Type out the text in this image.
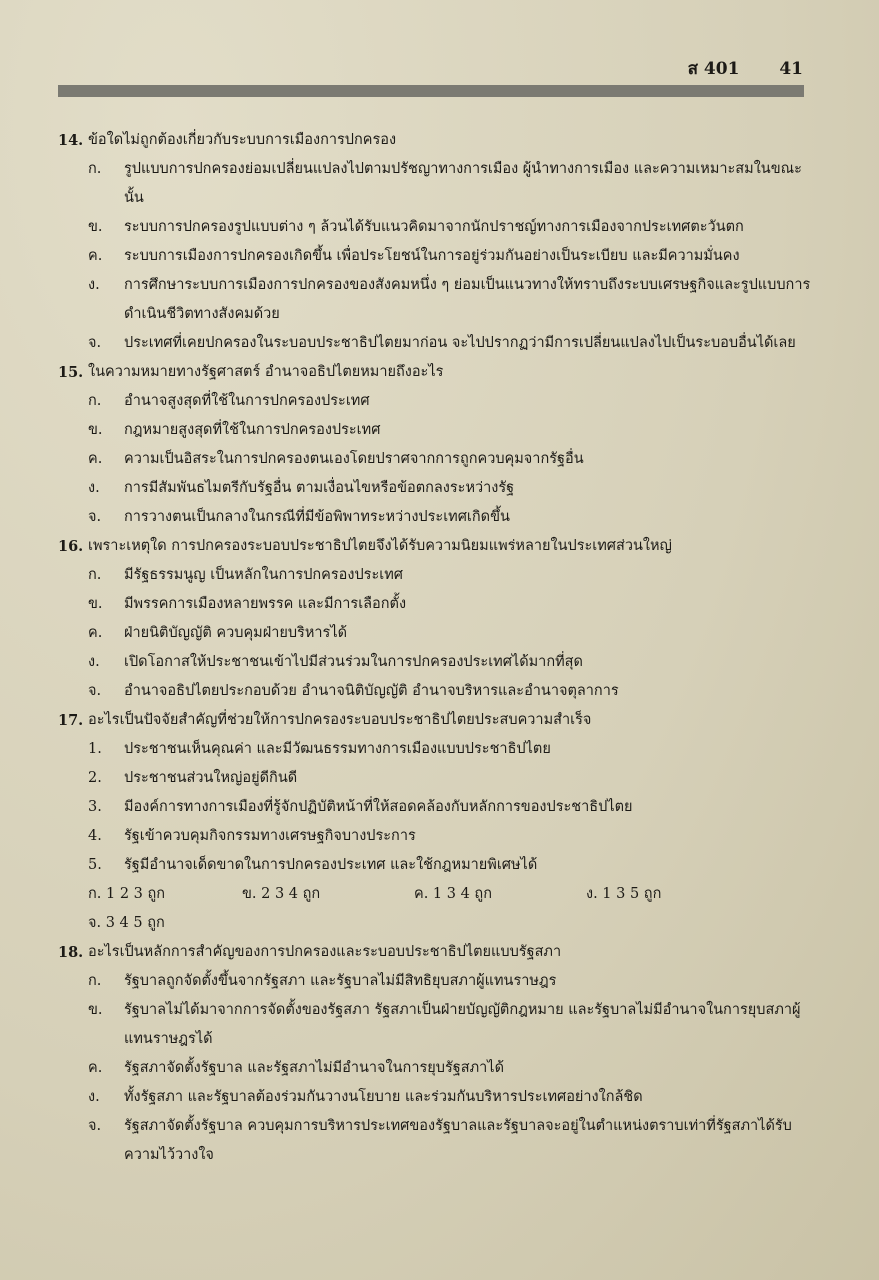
ส 401 41
14. ข้อใดไม่ถูกต้องเกี่ยวกับระบบการเมืองการปกครอง
ก.	รูปแบบการปกครองย่อมเปลี่ยนแปลงไปตามปรัชญาทางการเมือง ผู้นำทางการเมือง และความเหมาะสมในขณะนั้น
ข.	ระบบการปกครองรูปแบบต่าง ๆ ล้วนได้รับแนวคิดมาจากนักปราชญ์ทางการเมืองจากประเทศตะวันตก
ค.	ระบบการเมืองการปกครองเกิดขึ้น เพื่อประโยชน์ในการอยู่ร่วมกันอย่างเป็นระเบียบ และมีความมั่นคง
ง.	การศึกษาระบบการเมืองการปกครองของสังคมหนึ่ง ๆ ย่อมเป็นแนวทางให้ทราบถึงระบบเศรษฐกิจและรูปแบบการดำเนินชีวิตทางสังคมด้วย
จ.	ประเทศที่เคยปกครองในระบอบประชาธิปไตยมาก่อน จะไปปรากฏว่ามีการเปลี่ยนแปลงไปเป็นระบอบอื่นได้เลย
15. ในความหมายทางรัฐศาสตร์ อำนาจอธิปไตยหมายถึงอะไร
ก.	อำนาจสูงสุดที่ใช้ในการปกครองประเทศ
ข.	กฎหมายสูงสุดที่ใช้ในการปกครองประเทศ
ค.	ความเป็นอิสระในการปกครองตนเองโดยปราศจากการถูกควบคุมจากรัฐอื่น
ง.	การมีสัมพันธไมตรีกับรัฐอื่น ตามเงื่อนไขหรือข้อตกลงระหว่างรัฐ
จ.	การวางตนเป็นกลางในกรณีที่มีข้อพิพาทระหว่างประเทศเกิดขึ้น
16. เพราะเหตุใด การปกครองระบอบประชาธิปไตยจึงได้รับความนิยมแพร่หลายในประเทศส่วนใหญ่
ก.	มีรัฐธรรมนูญ เป็นหลักในการปกครองประเทศ
ข.	มีพรรคการเมืองหลายพรรค และมีการเลือกตั้ง
ค.	ฝ่ายนิติบัญญัติ ควบคุมฝ่ายบริหารได้
ง.	เปิดโอกาสให้ประชาชนเข้าไปมีส่วนร่วมในการปกครองประเทศได้มากที่สุด
จ.	อำนาจอธิปไตยประกอบด้วย อำนาจนิติบัญญัติ อำนาจบริหารและอำนาจตุลาการ
17. อะไรเป็นปัจจัยสำคัญที่ช่วยให้การปกครองระบอบประชาธิปไตยประสบความสำเร็จ
1.	ประชาชนเห็นคุณค่า และมีวัฒนธรรมทางการเมืองแบบประชาธิปไตย
2.	ประชาชนส่วนใหญ่อยู่ดีกินดี
3.	มีองค์การทางการเมืองที่รู้จักปฏิบัติหน้าที่ให้สอดคล้องกับหลักการของประชาธิปไตย
4.	รัฐเข้าควบคุมกิจกรรมทางเศรษฐกิจบางประการ
5.	รัฐมีอำนาจเด็ดขาดในการปกครองประเทศ และใช้กฎหมายพิเศษได้
ก. 1 2 3 ถูก	ข. 2 3 4 ถูก	ค. 1 3 4 ถูก	ง. 1 3 5 ถูก
จ. 3 4 5 ถูก
18. อะไรเป็นหลักการสำคัญของการปกครองและระบอบประชาธิปไตยแบบรัฐสภา
ก.	รัฐบาลถูกจัดตั้งขึ้นจากรัฐสภา และรัฐบาลไม่มีสิทธิยุบสภาผู้แทนราษฎร
ข.	รัฐบาลไม่ได้มาจากการจัดตั้งของรัฐสภา รัฐสภาเป็นฝ่ายบัญญัติกฎหมาย และรัฐบาลไม่มีอำนาจในการยุบสภาผู้แทนราษฎรได้
ค.	รัฐสภาจัดตั้งรัฐบาล และรัฐสภาไม่มีอำนาจในการยุบรัฐสภาได้
ง.	ทั้งรัฐสภา และรัฐบาลต้องร่วมกันวางนโยบาย และร่วมกันบริหารประเทศอย่างใกล้ชิด
จ.	รัฐสภาจัดตั้งรัฐบาล ควบคุมการบริหารประเทศของรัฐบาลและรัฐบาลจะอยู่ในตำแหน่งตราบเท่าที่รัฐสภาได้รับความไว้วางใจ
